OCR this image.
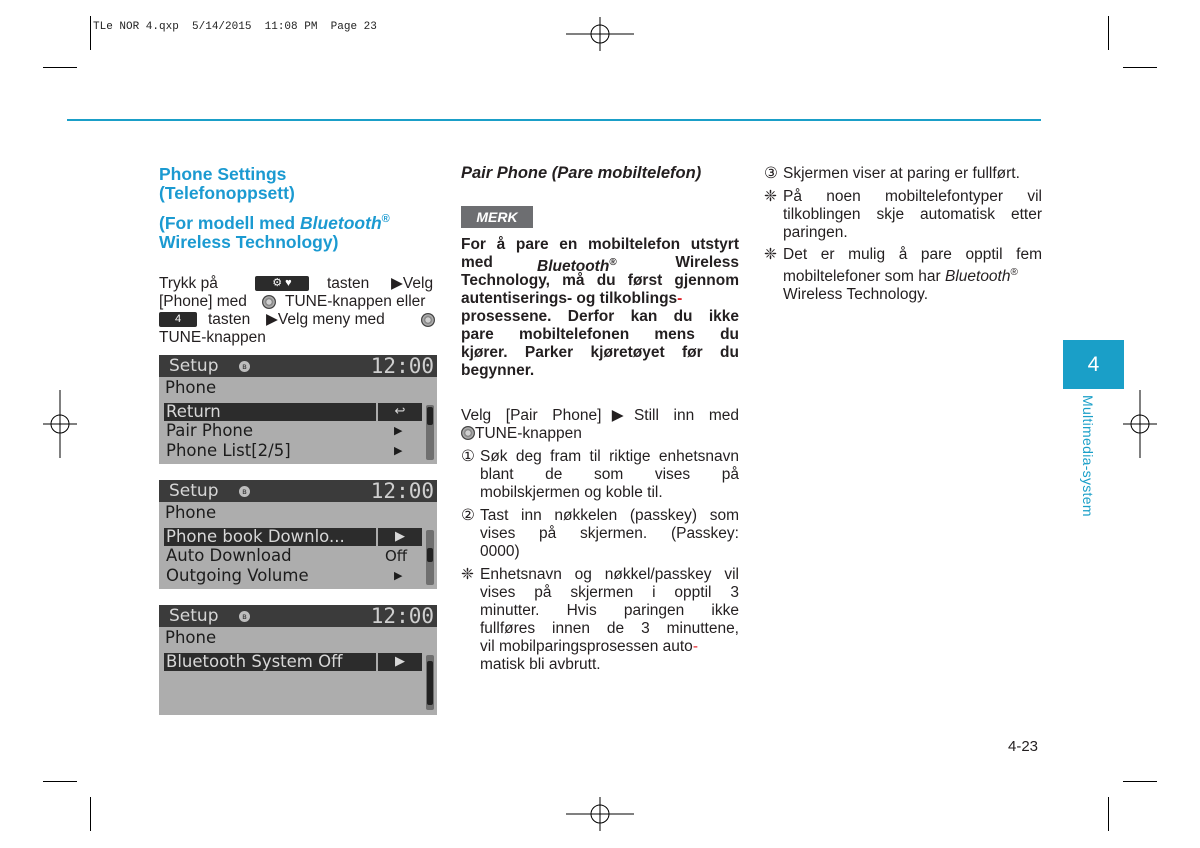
TLe NOR 4.qxp  5/14/2015  11:08 PM  Page 23
Phone Settings
(Telefonoppsett)
(For modell med Bluetooth®
Wireless Technology)
Trykk på	⚙ ♥	tasten ▶Velg
[Phone] med TUNE-knappen eller
4	tasten ▶Velg meny med
TUNE-knappen
Setup	ʙ	12:00
Phone
Return	↩
Pair Phone	▶
Phone List[2/5]	▶
Setup	ʙ	12:00
Phone
Phone book Downlo...	▶
Auto Download	Off
Outgoing Volume	▶
Setup	ʙ	12:00
Phone
Bluetooth System Off	▶
Pair Phone (Pare mobiltelefon)
MERK
For å pare en mobiltelefon utstyrt
med	Bluetooth®	Wireless
Technology, må du først gjennom
autentiserings- og tilkoblings-
prosessene. Derfor kan du ikke
pare mobiltelefonen mens du
kjører. Parker kjøretøyet før du
begynner.
Velg [Pair Phone]▶Still inn med
TUNE-knappen
① Søk deg fram til riktige enhetsnavn
blant de som vises på
mobilskjermen og koble til.
② Tast inn nøkkelen (passkey) som
vises på skjermen. (Passkey:
0000)
❈ Enhetsnavn og nøkkel/passkey vil
vises på skjermen i opptil 3
minutter. Hvis paringen ikke
fullføres innen de 3 minuttene,
vil mobilparingsprosessen auto-
matisk bli avbrutt.
③ Skjermen viser at paring er fullført.
❈ På noen mobiltelefontyper vil
tilkoblingen skje automatisk etter
paringen.
❈ Det er mulig å pare opptil fem
mobiltelefoner som har Bluetooth®
Wireless Technology.
4
Multimedia-system
4-23
